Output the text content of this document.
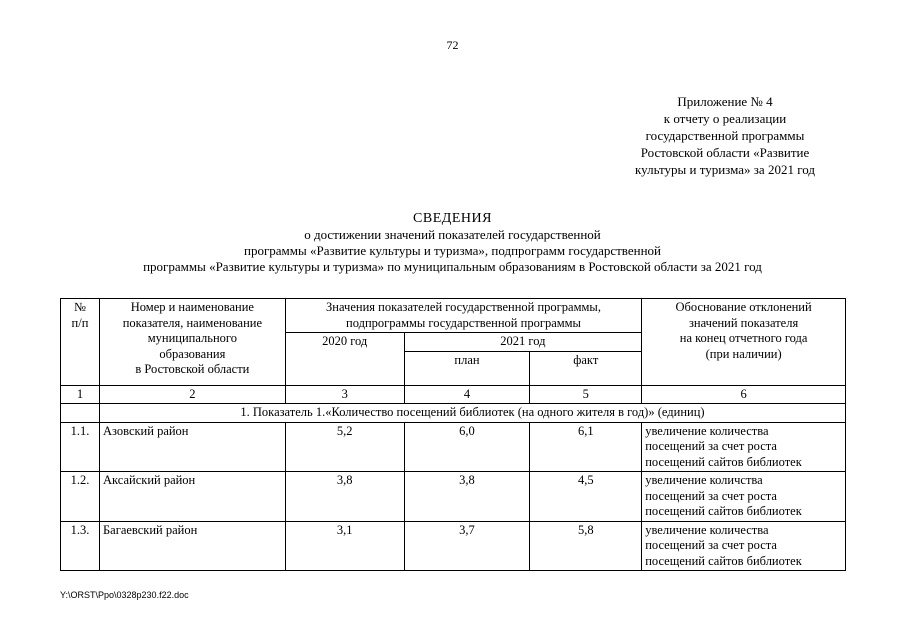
72
Приложение № 4
к отчету о реализации
государственной программы
Ростовской области «Развитие
культуры и туризма» за 2021 год
СВЕДЕНИЯ
о достижении значений показателей государственной
программы «Развитие культуры и туризма», подпрограмм государственной
программы «Развитие культуры и туризма» по муниципальным образованиям в Ростовской области за 2021 год
№
п/п	Номер и наименование
показателя, наименование
муниципального
образования
в Ростовской области	Значения показателей государственной программы,
подпрограммы государственной программы			Обоснование отклонений
значений показателя
на конец отчетного года
(при наличии)
		2020 год	2021 год		
			план	факт	
1	2	3	4	5	6
	1. Показатель 1.«Количество посещений библиотек (на одного жителя в год)» (единиц)				
1.1.	Азовский район	5,2	6,0	6,1	увеличение количества
посещений за счет роста
посещений сайтов библиотек
1.2.	Аксайский район	3,8	3,8	4,5	увеличение количства
посещений за счет роста
посещений сайтов библиотек
1.3.	Багаевский район	3,1	3,7	5,8	увеличение количества
посещений за счет роста
посещений сайтов библиотек
Y:\ORST\Ppo\0328p230.f22.doc
